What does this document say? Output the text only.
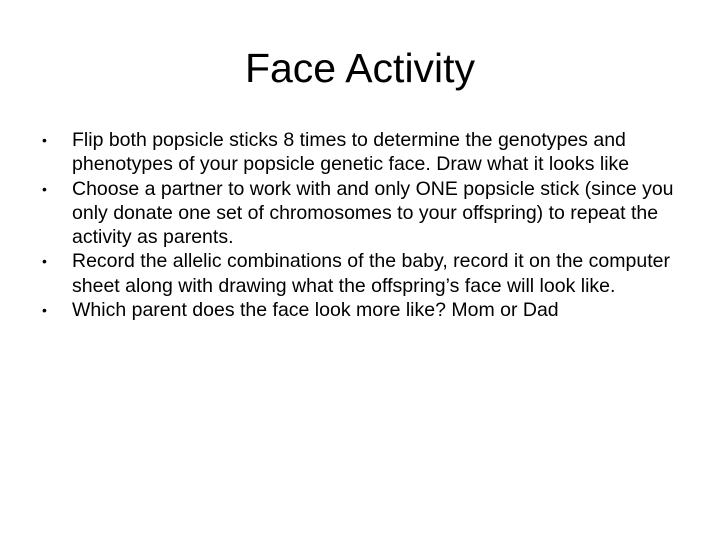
Face Activity
•	Flip both popsicle sticks 8 times to determine the genotypes and phenotypes of your popsicle genetic face. Draw what it looks like
•	Choose a partner to work with and only ONE popsicle stick (since you only donate one set of chromosomes to your offspring) to repeat the activity as parents.
•	Record the allelic combinations of the baby, record it on the computer sheet along with drawing what the offspring’s face will look like.
•	Which parent does the face look more like? Mom or Dad
